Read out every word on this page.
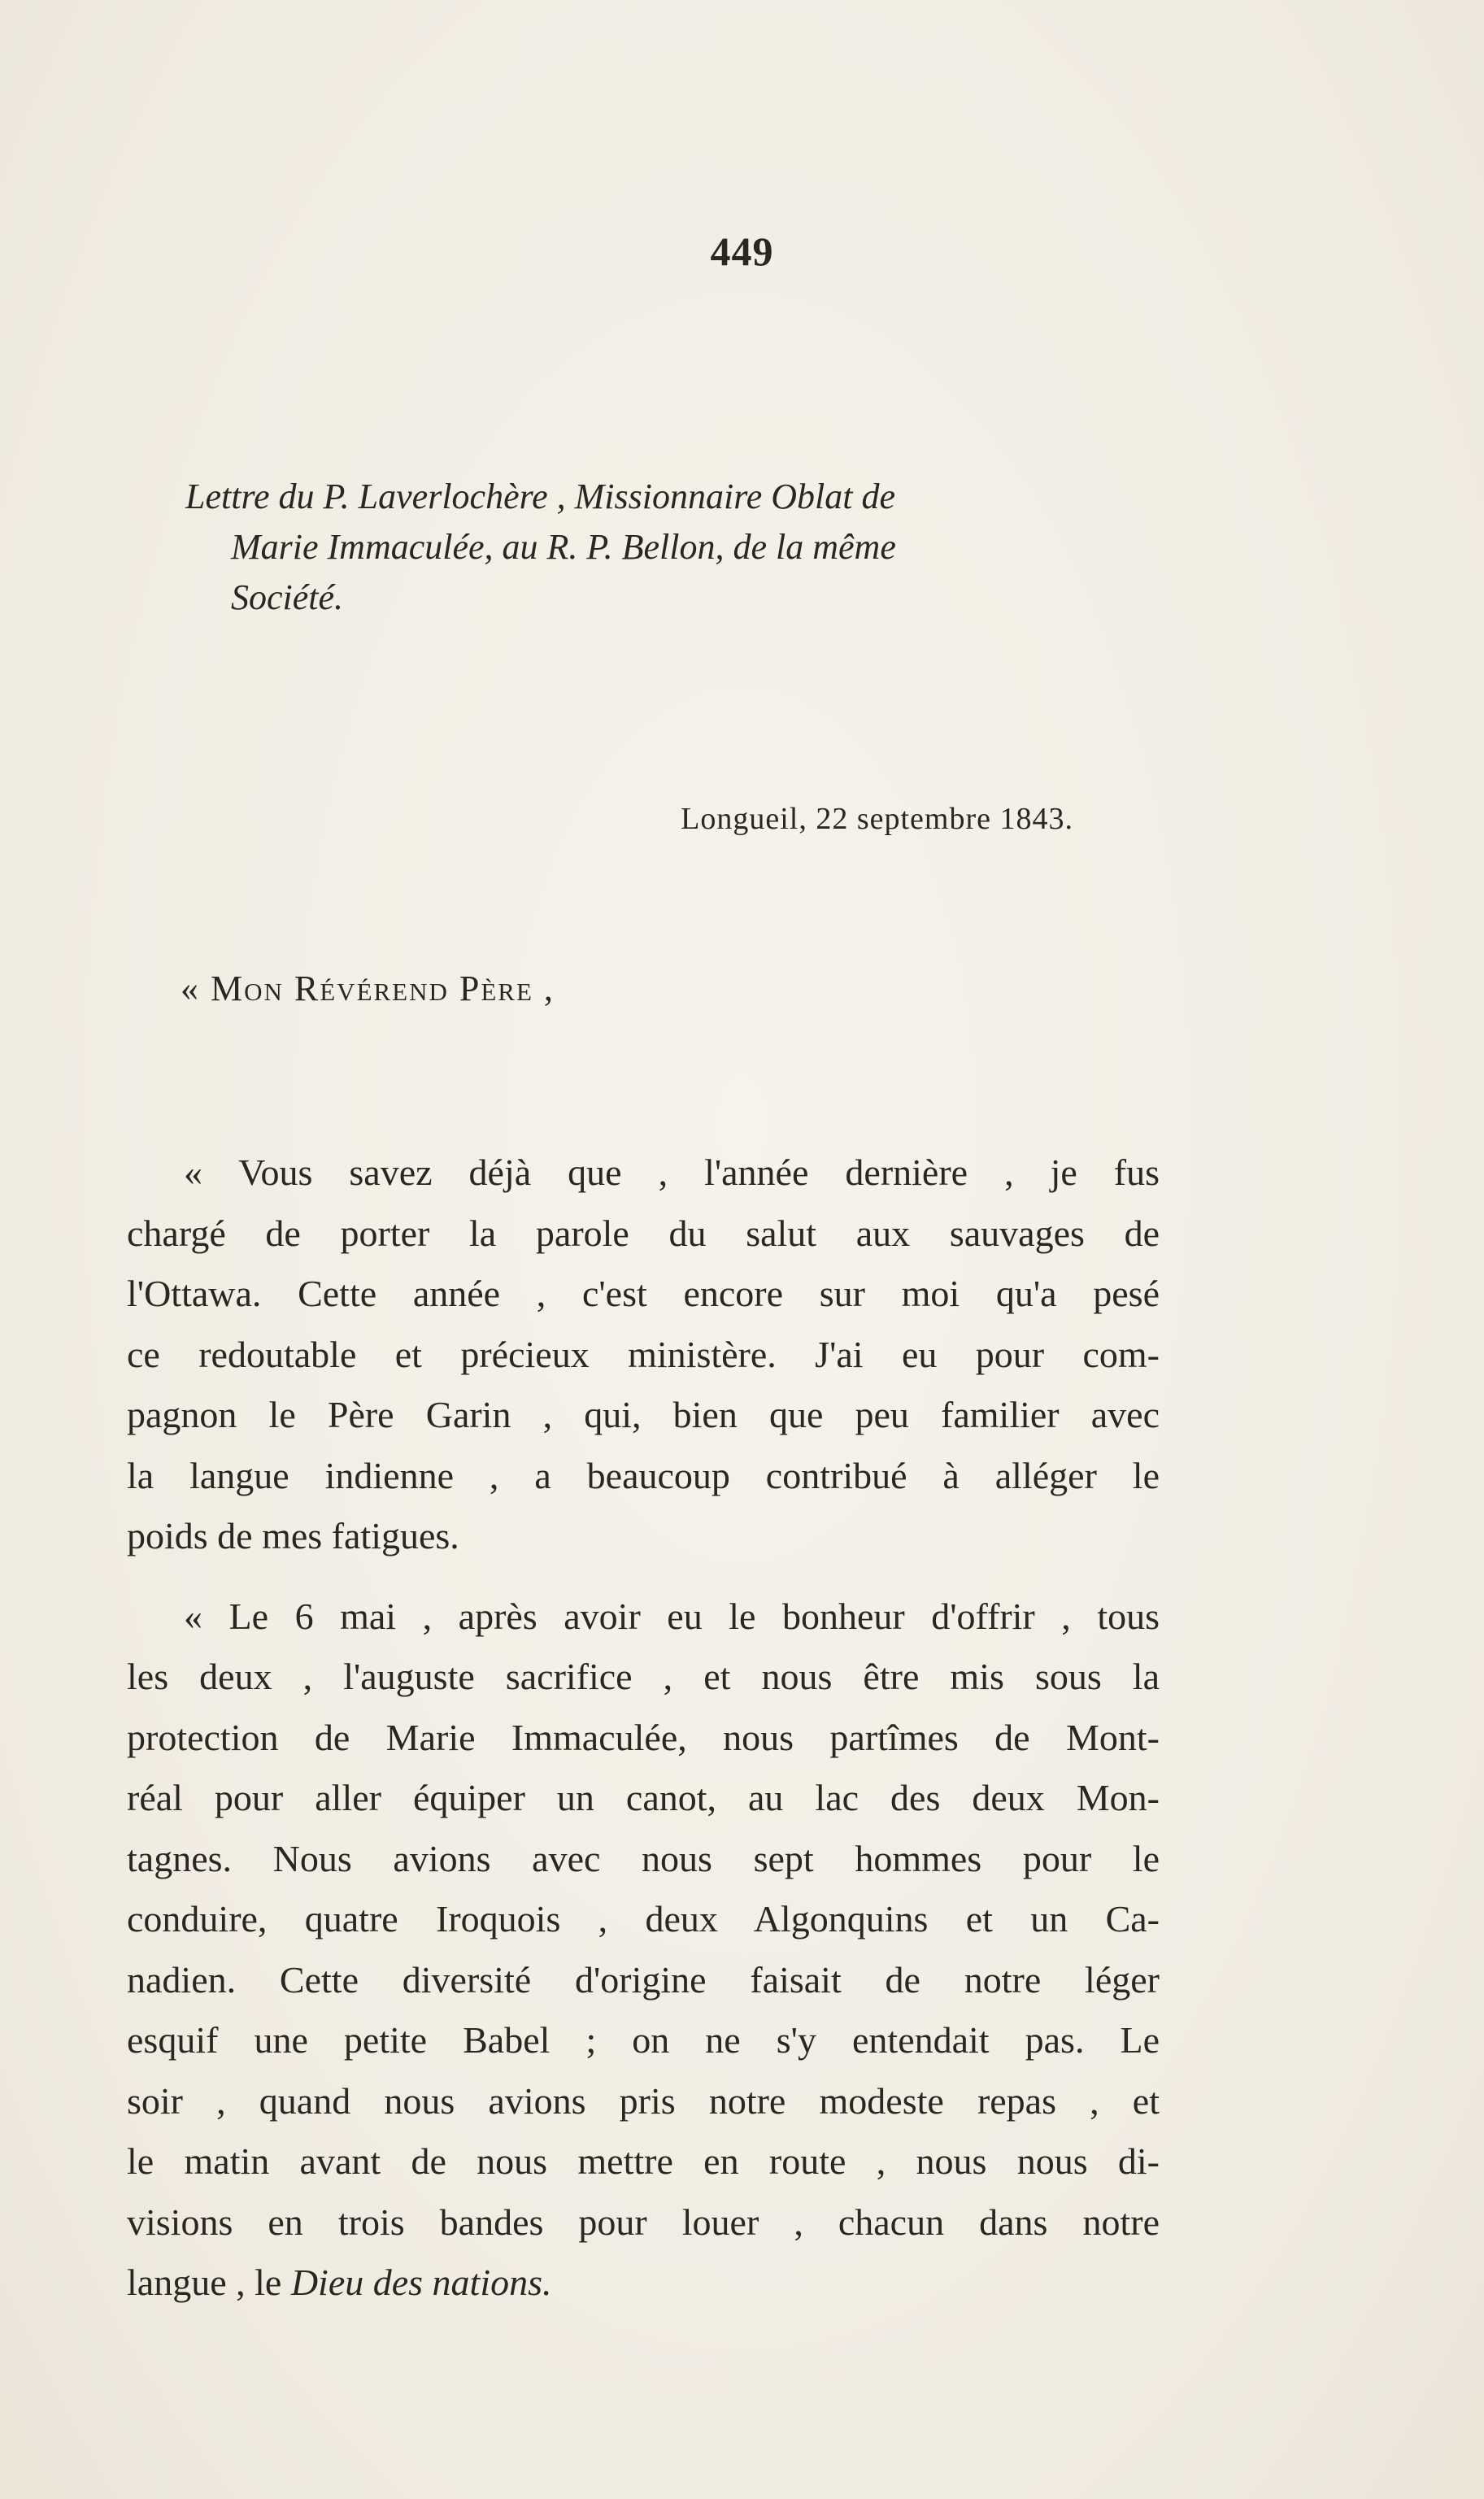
449
Lettre du P. Laverlochère , Missionnaire Oblat de
Marie Immaculée, au R. P. Bellon, de la même
Société.
Longueil, 22 septembre 1843.
« Mon Révérend Père ,
« Vous savez déjà que , l'année dernière , je fus
chargé de porter la parole du salut aux sauvages de
l'Ottawa. Cette année , c'est encore sur moi qu'a pesé
ce redoutable et précieux ministère. J'ai eu pour com-
pagnon le Père Garin , qui, bien que peu familier avec
la langue indienne , a beaucoup contribué à alléger le
poids de mes fatigues.
« Le 6 mai , après avoir eu le bonheur d'offrir , tous
les deux , l'auguste sacrifice , et nous être mis sous la
protection de Marie Immaculée, nous partîmes de Mont-
réal pour aller équiper un canot, au lac des deux Mon-
tagnes. Nous avions avec nous sept hommes pour le
conduire, quatre Iroquois , deux Algonquins et un Ca-
nadien. Cette diversité d'origine faisait de notre léger
esquif une petite Babel ; on ne s'y entendait pas. Le
soir , quand nous avions pris notre modeste repas , et
le matin avant de nous mettre en route , nous nous di-
visions en trois bandes pour louer , chacun dans notre
langue , le Dieu des nations.
